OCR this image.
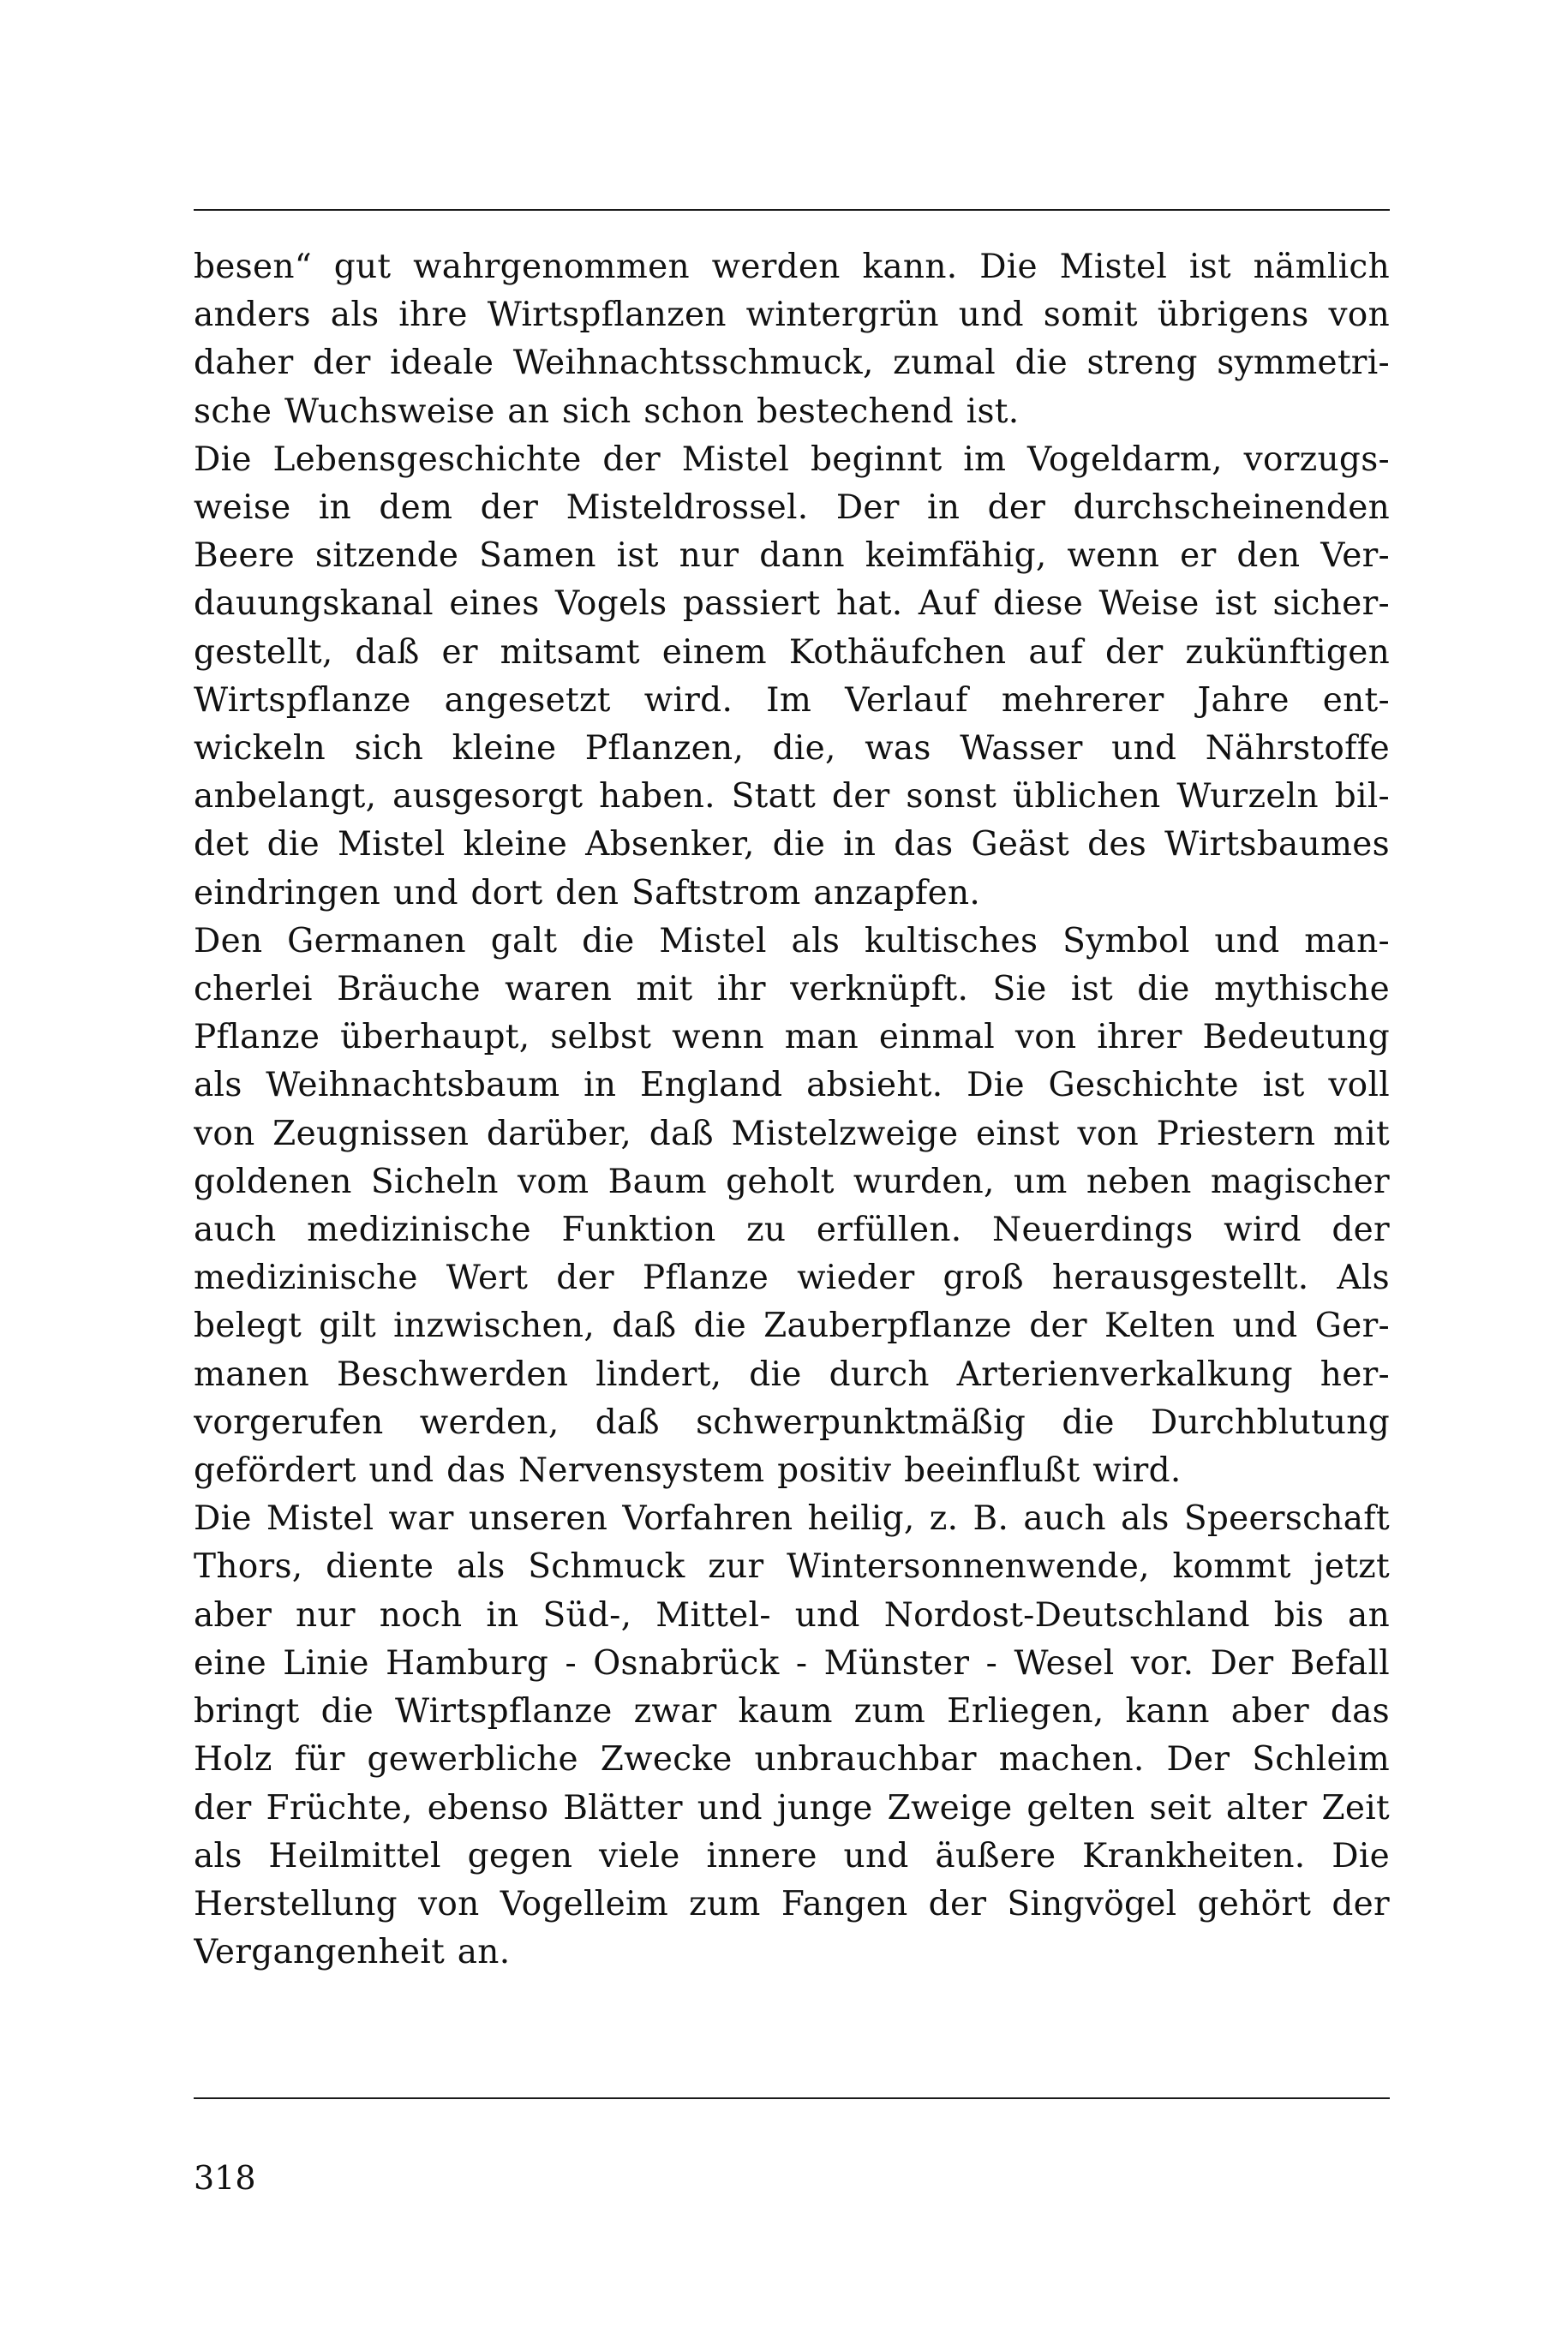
besen“ gut wahrgenommen werden kann. Die Mistel ist nämlich
anders als ihre Wirtspflanzen wintergrün und somit übrigens von
daher der ideale Weihnachtsschmuck, zumal die streng symmetri-
sche Wuchsweise an sich schon bestechend ist.
Die Lebensgeschichte der Mistel beginnt im Vogeldarm, vorzugs-
weise in dem der Misteldrossel. Der in der durchscheinenden
Beere sitzende Samen ist nur dann keimfähig, wenn er den Ver-
dauungskanal eines Vogels passiert hat. Auf diese Weise ist sicher-
gestellt, daß er mitsamt einem Kothäufchen auf der zukünftigen
Wirtspflanze angesetzt wird. Im Verlauf mehrerer Jahre ent-
wickeln sich kleine Pflanzen, die, was Wasser und Nährstoffe
anbelangt, ausgesorgt haben. Statt der sonst üblichen Wurzeln bil-
det die Mistel kleine Absenker, die in das Geäst des Wirtsbaumes
eindringen und dort den Saftstrom anzapfen.
Den Germanen galt die Mistel als kultisches Symbol und man-
cherlei Bräuche waren mit ihr verknüpft. Sie ist die mythische
Pflanze überhaupt, selbst wenn man einmal von ihrer Bedeutung
als Weihnachtsbaum in England absieht. Die Geschichte ist voll
von Zeugnissen darüber, daß Mistelzweige einst von Priestern mit
goldenen Sicheln vom Baum geholt wurden, um neben magischer
auch medizinische Funktion zu erfüllen. Neuerdings wird der
medizinische Wert der Pflanze wieder groß herausgestellt. Als
belegt gilt inzwischen, daß die Zauberpflanze der Kelten und Ger-
manen Beschwerden lindert, die durch Arterienverkalkung her-
vorgerufen werden, daß schwerpunktmäßig die Durchblutung
gefördert und das Nervensystem positiv beeinflußt wird.
Die Mistel war unseren Vorfahren heilig, z. B. auch als Speerschaft
Thors, diente als Schmuck zur Wintersonnenwende, kommt jetzt
aber nur noch in Süd-, Mittel- und Nordost-Deutschland bis an
eine Linie Hamburg - Osnabrück - Münster - Wesel vor. Der Befall
bringt die Wirtspflanze zwar kaum zum Erliegen, kann aber das
Holz für gewerbliche Zwecke unbrauchbar machen. Der Schleim
der Früchte, ebenso Blätter und junge Zweige gelten seit alter Zeit
als Heilmittel gegen viele innere und äußere Krankheiten. Die
Herstellung von Vogelleim zum Fangen der Singvögel gehört der
Vergangenheit an.
318
